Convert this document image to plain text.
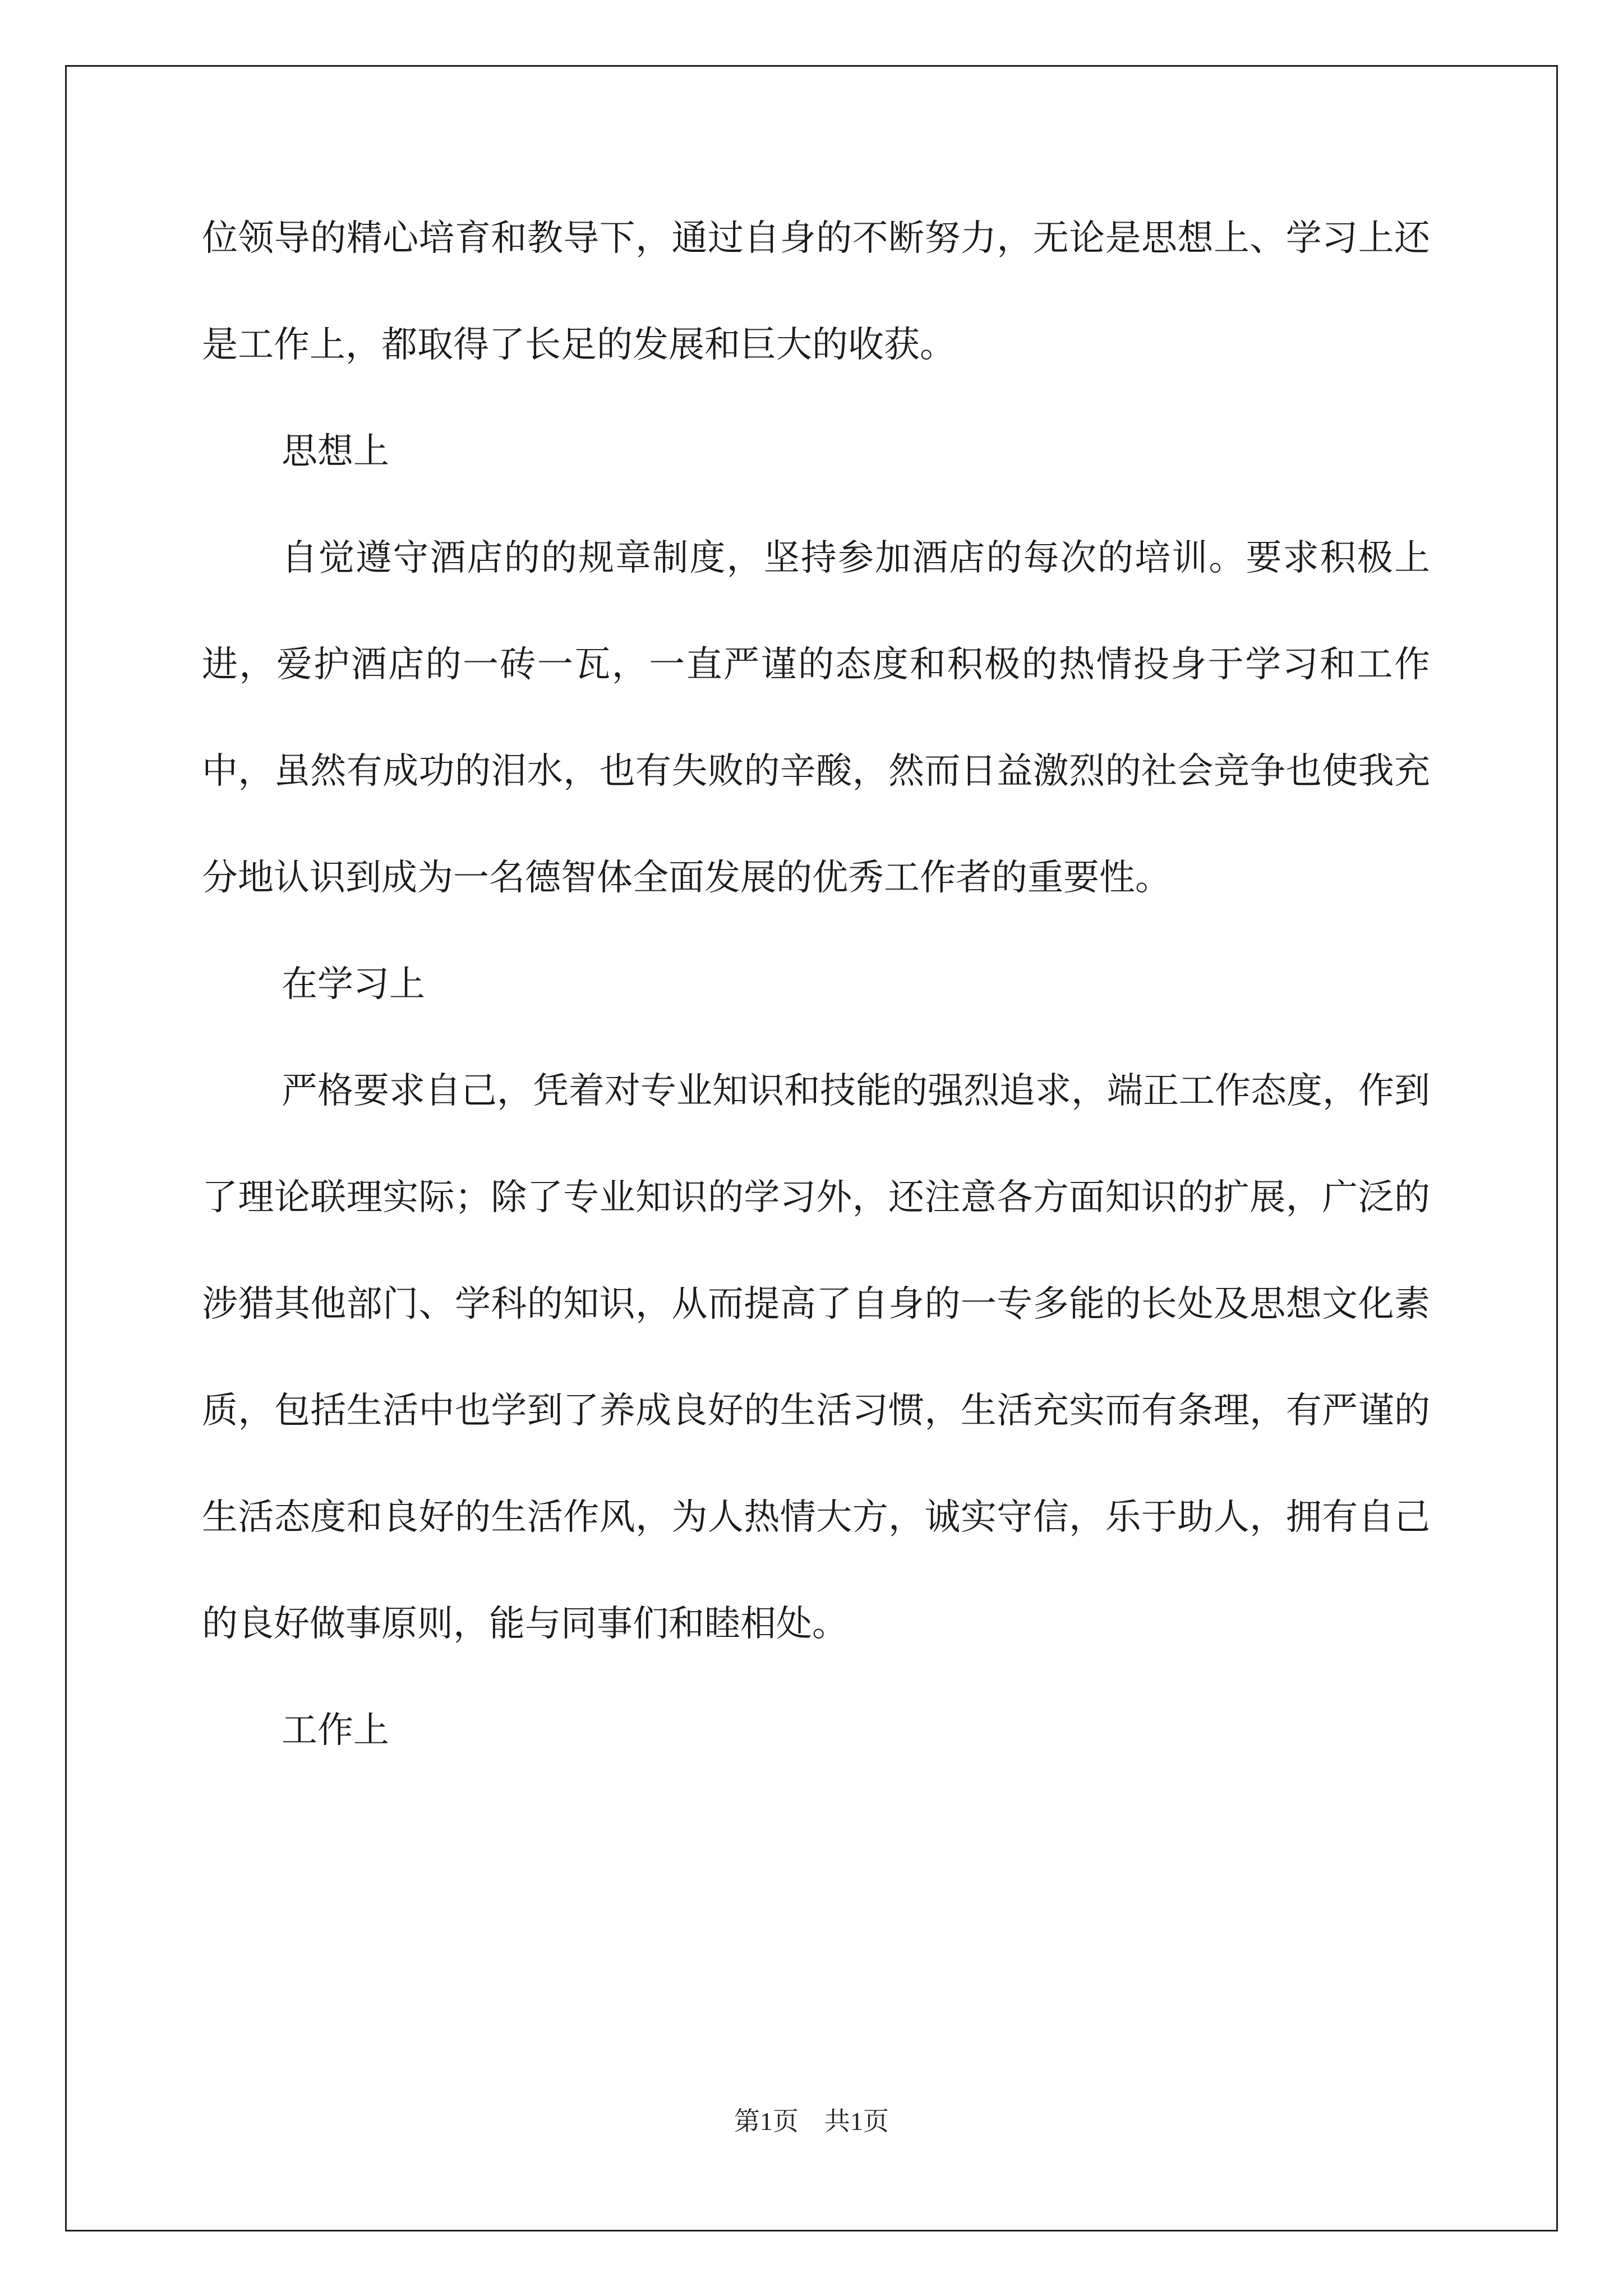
位领导的精心培育和教导下，通过自身的不断努力，无论是思想上、学习上还是工作上，都取得了长足的发展和巨大的收获。

思想上

自觉遵守酒店的的规章制度，坚持参加酒店的每次的培训。要求积极上进，爱护酒店的一砖一瓦，一直严谨的态度和积极的热情投身于学习和工作中，虽然有成功的泪水，也有失败的辛酸，然而日益激烈的社会竞争也使我充分地认识到成为一名德智体全面发展的优秀工作者的重要性。

在学习上

严格要求自己，凭着对专业知识和技能的强烈追求，端正工作态度，作到了理论联理实际；除了专业知识的学习外，还注意各方面知识的扩展，广泛的涉猎其他部门、学科的知识，从而提高了自身的一专多能的长处及思想文化素质，包括生活中也学到了养成良好的生活习惯，生活充实而有条理，有严谨的生活态度和良好的生活作风，为人热情大方，诚实守信，乐于助人，拥有自己的良好做事原则，能与同事们和睦相处。

工作上

第1页 共1页
